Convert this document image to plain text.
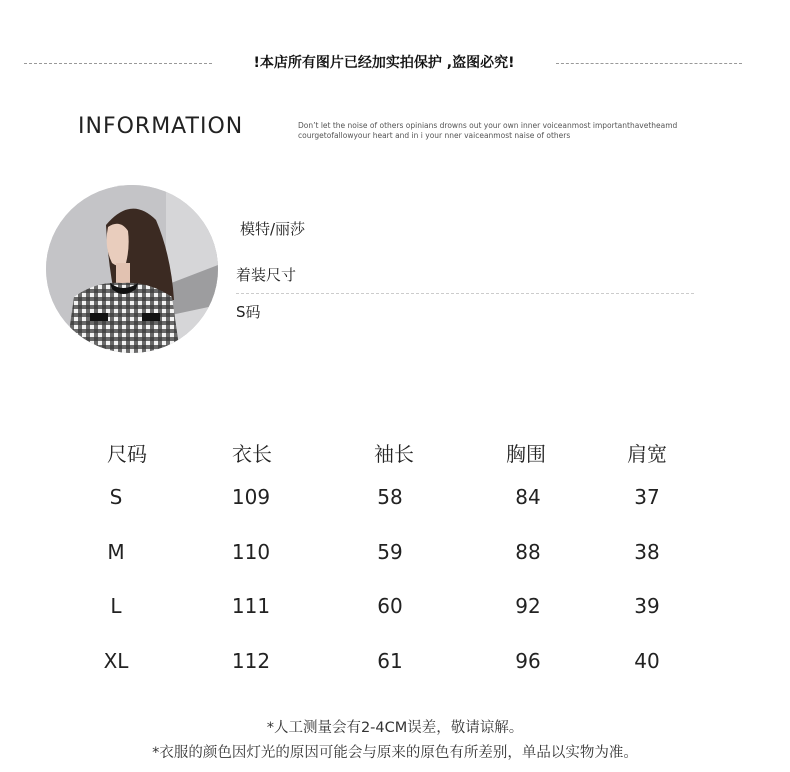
!本店所有图片已经加实拍保护 ,盗图必究!
INFORMATION	Don’t let the noise of others opinians drowns out your own inner voiceanmost importanthavetheamd
courgetofallowyour heart and in i your nner vaiceanmost naise of others
模特/丽莎
着装尺寸
S码
尺码	衣长	袖长	胸围	肩宽
S	109	58	84	37
M	110	59	88	38
L	111	60	92	39
XL	112	61	96	40
*人工测量会有2-4CM误差，敬请谅解。
*衣服的颜色因灯光的原因可能会与原来的原色有所差别，单品以实物为准。
